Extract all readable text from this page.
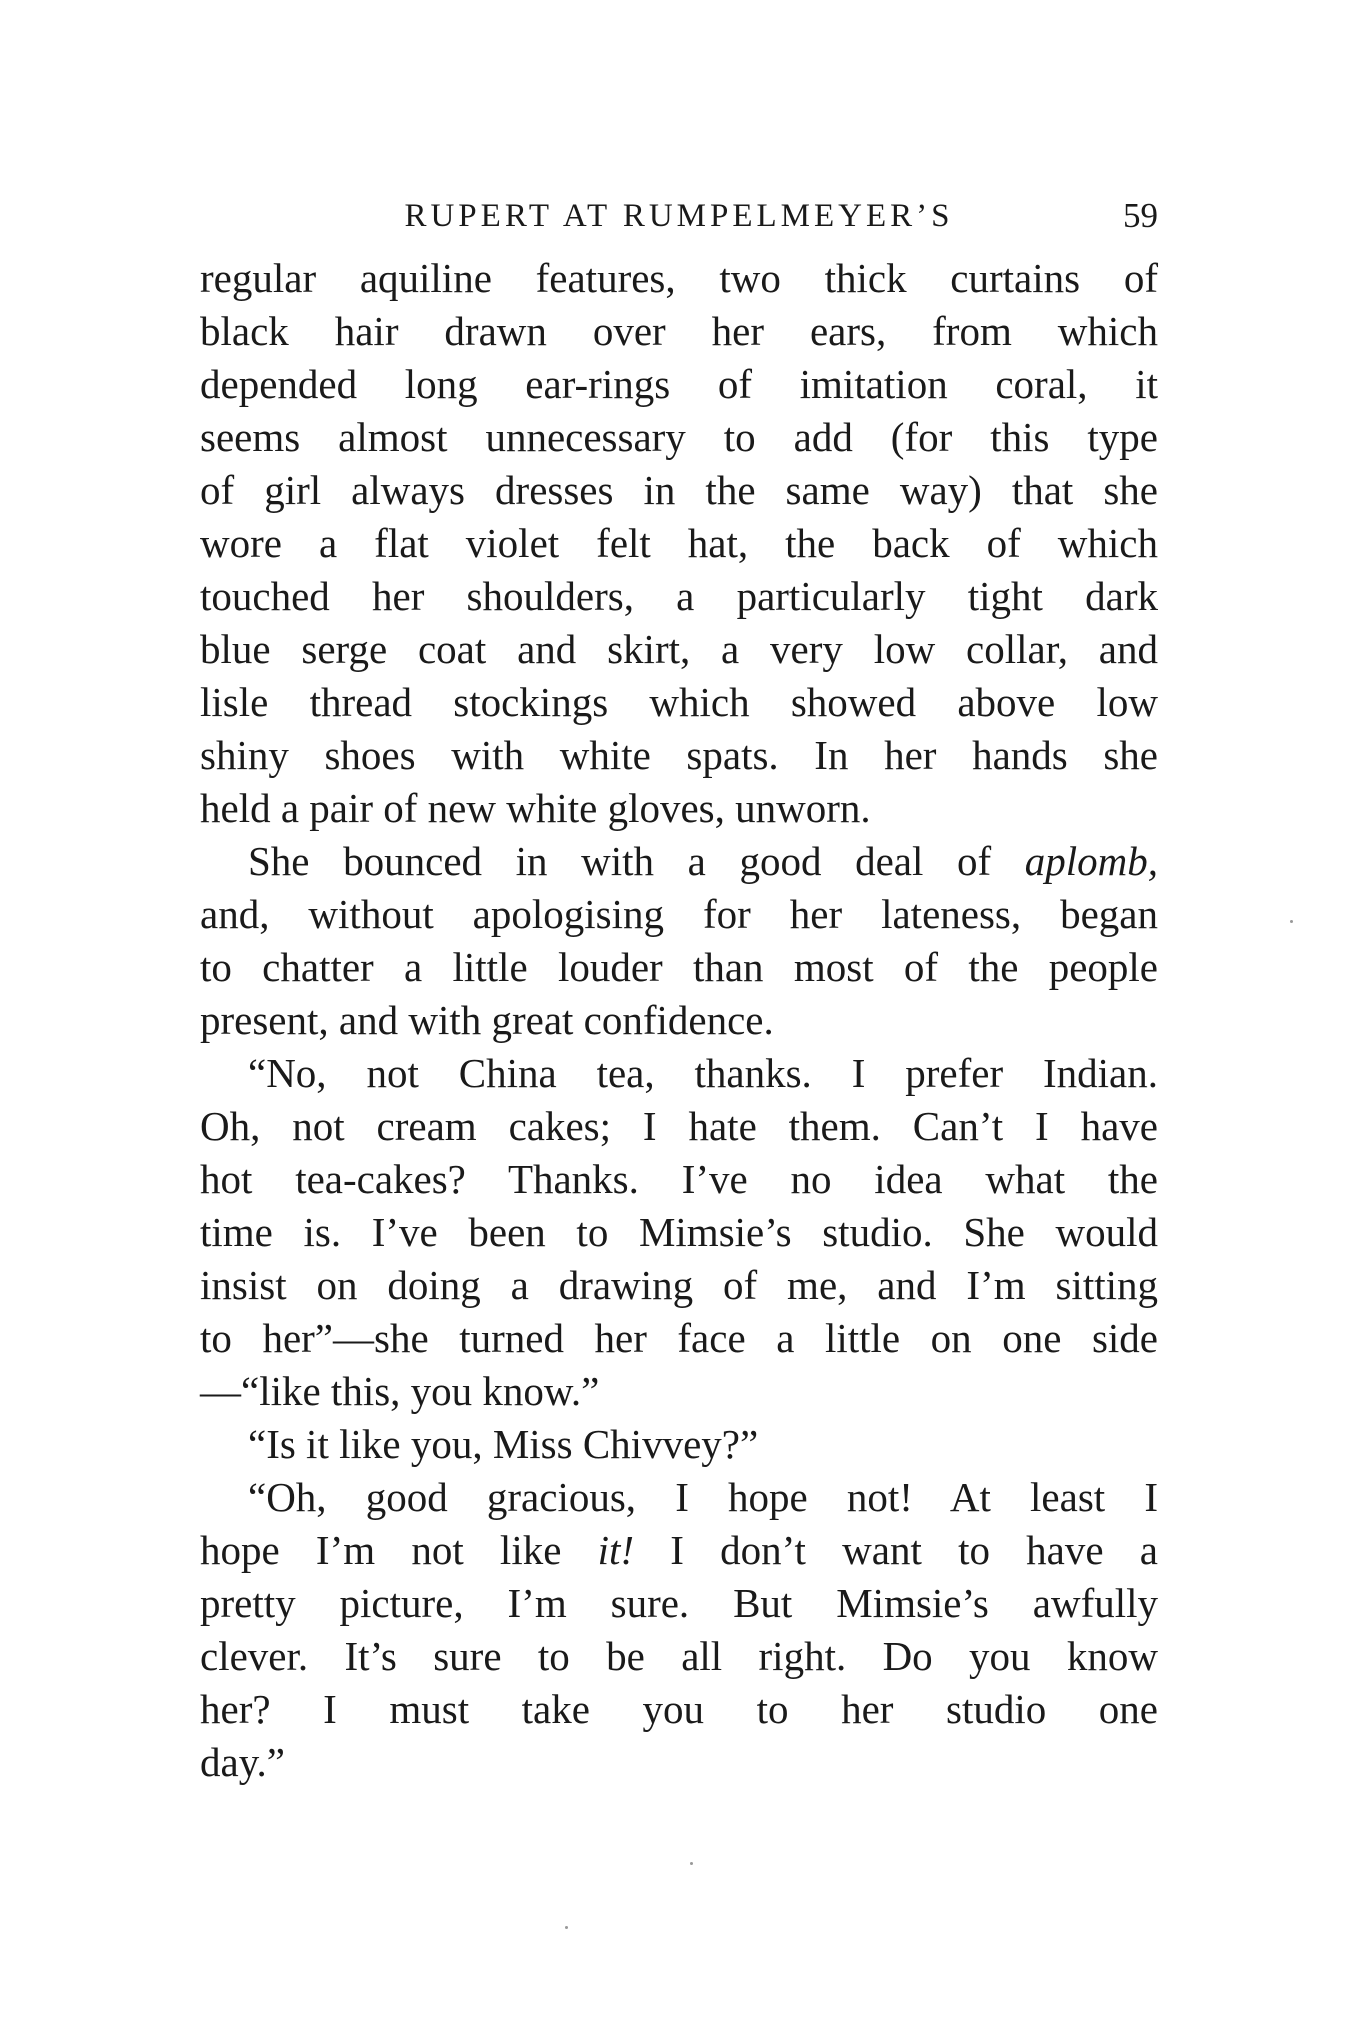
RUPERT AT RUMPELMEYER’S	59
regular aquiline features, two thick curtains of
black hair drawn over her ears, from which
depended long ear-rings of imitation coral, it
seems almost unnecessary to add (for this type
of girl always dresses in the same way) that she
wore a flat violet felt hat, the back of which
touched her shoulders, a particularly tight dark
blue serge coat and skirt, a very low collar, and
lisle thread stockings which showed above low
shiny shoes with white spats. In her hands she
held a pair of new white gloves, unworn.
She bounced in with a good deal of aplomb,
and, without apologising for her lateness, began
to chatter a little louder than most of the people
present, and with great confidence.
“No, not China tea, thanks. I prefer Indian.
Oh, not cream cakes; I hate them. Can’t I have
hot tea-cakes? Thanks. I’ve no idea what the
time is. I’ve been to Mimsie’s studio. She would
insist on doing a drawing of me, and I’m sitting
to her”—she turned her face a little on one side
—“like this, you know.”
“Is it like you, Miss Chivvey?”
“Oh, good gracious, I hope not! At least I
hope I’m not like it! I don’t want to have a
pretty picture, I’m sure. But Mimsie’s awfully
clever. It’s sure to be all right. Do you know
her? I must take you to her studio one
day.”
